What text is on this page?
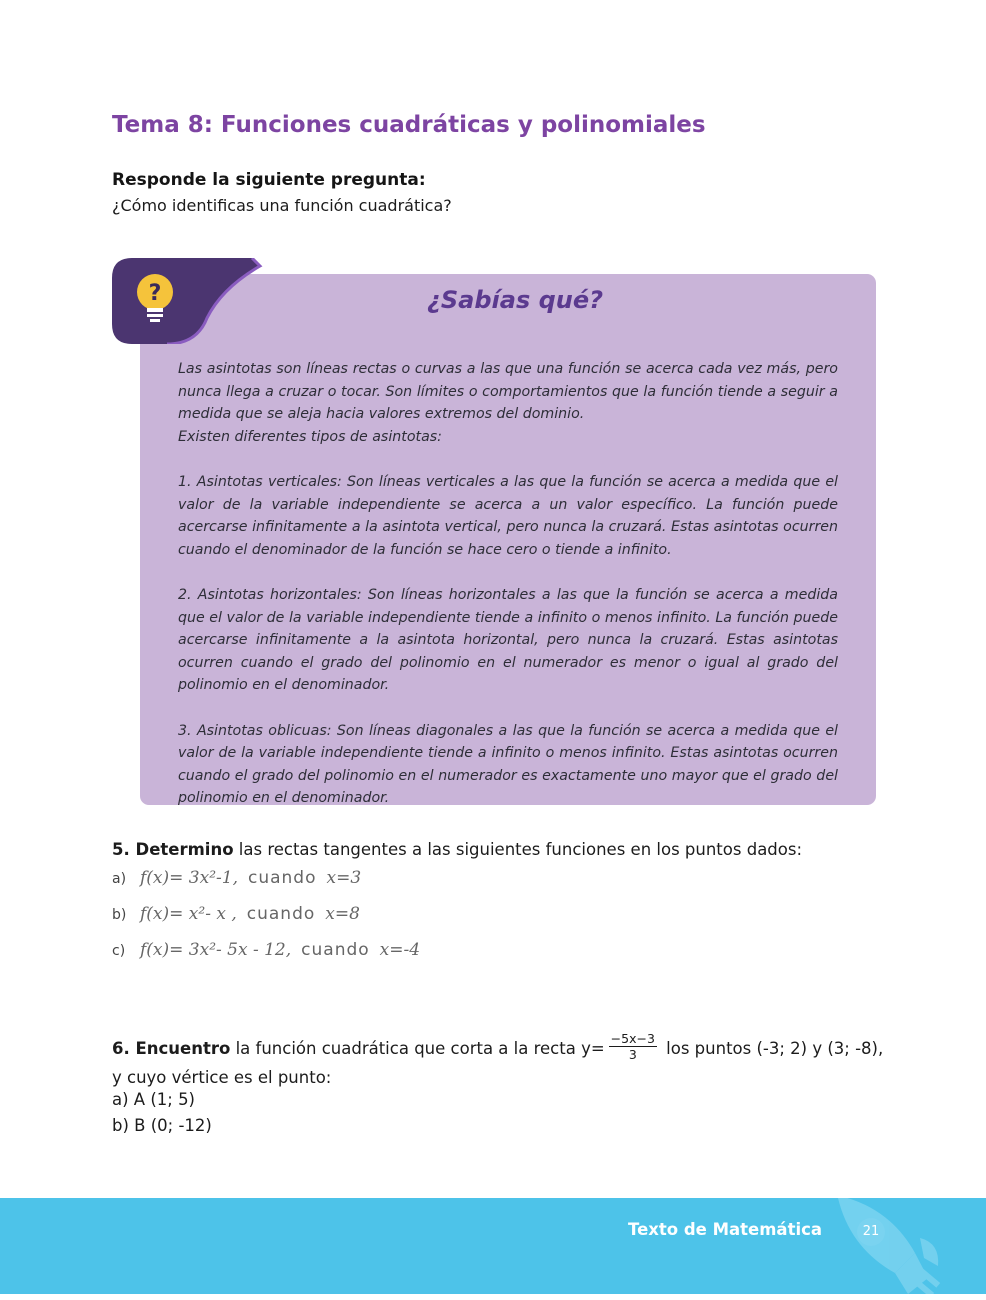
Tema 8: Funciones cuadráticas y polinomiales
Responde la siguiente pregunta:
¿Cómo identificas una función cuadrática?
?	¿Sabías qué?

Las asintotas son líneas rectas o curvas a las que una función se acerca cada vez más, pero nunca llega a cruzar o tocar. Son límites o comportamientos que la función tiende a seguir a medida que se aleja hacia valores extremos del dominio.

Existen diferentes tipos de asintotas:

1. Asintotas verticales: Son líneas verticales a las que la función se acerca a medida que el valor de la variable independiente se acerca a un valor específico. La función puede acercarse infinitamente a la asintota vertical, pero nunca la cruzará. Estas asintotas ocurren cuando el denominador de la función se hace cero o tiende a infinito.

2. Asintotas horizontales: Son líneas horizontales a las que la función se acerca a medida que el valor de la variable independiente tiende a infinito o menos infinito. La función puede acercarse infinitamente a la asintota horizontal, pero nunca la cruzará. Estas asintotas ocurren cuando el grado del polinomio en el numerador es menor o igual al grado del polinomio en el denominador.

3. Asintotas oblicuas: Son líneas diagonales a las que la función se acerca a medida que el valor de la variable independiente tiende a infinito o menos infinito. Estas asintotas ocurren cuando el grado del polinomio en el numerador es exactamente uno mayor que el grado del polinomio en el denominador.

5. Determino las rectas tangentes a las siguientes funciones en los puntos dados:
a) f(x)= 3x²-1, cuando x=3
b) f(x)= x²- x , cuando x=8
c) f(x)= 3x²- 5x - 12, cuando x=-4
6. Encuentro la función cuadrática que corta a la recta $y= \frac{-5x-3}{3}$ los puntos (-3; 2) y (3; -8), y cuyo vértice es el punto:
a) A (1; 5)
b) B (0; -12)
Texto de Matemática	21
